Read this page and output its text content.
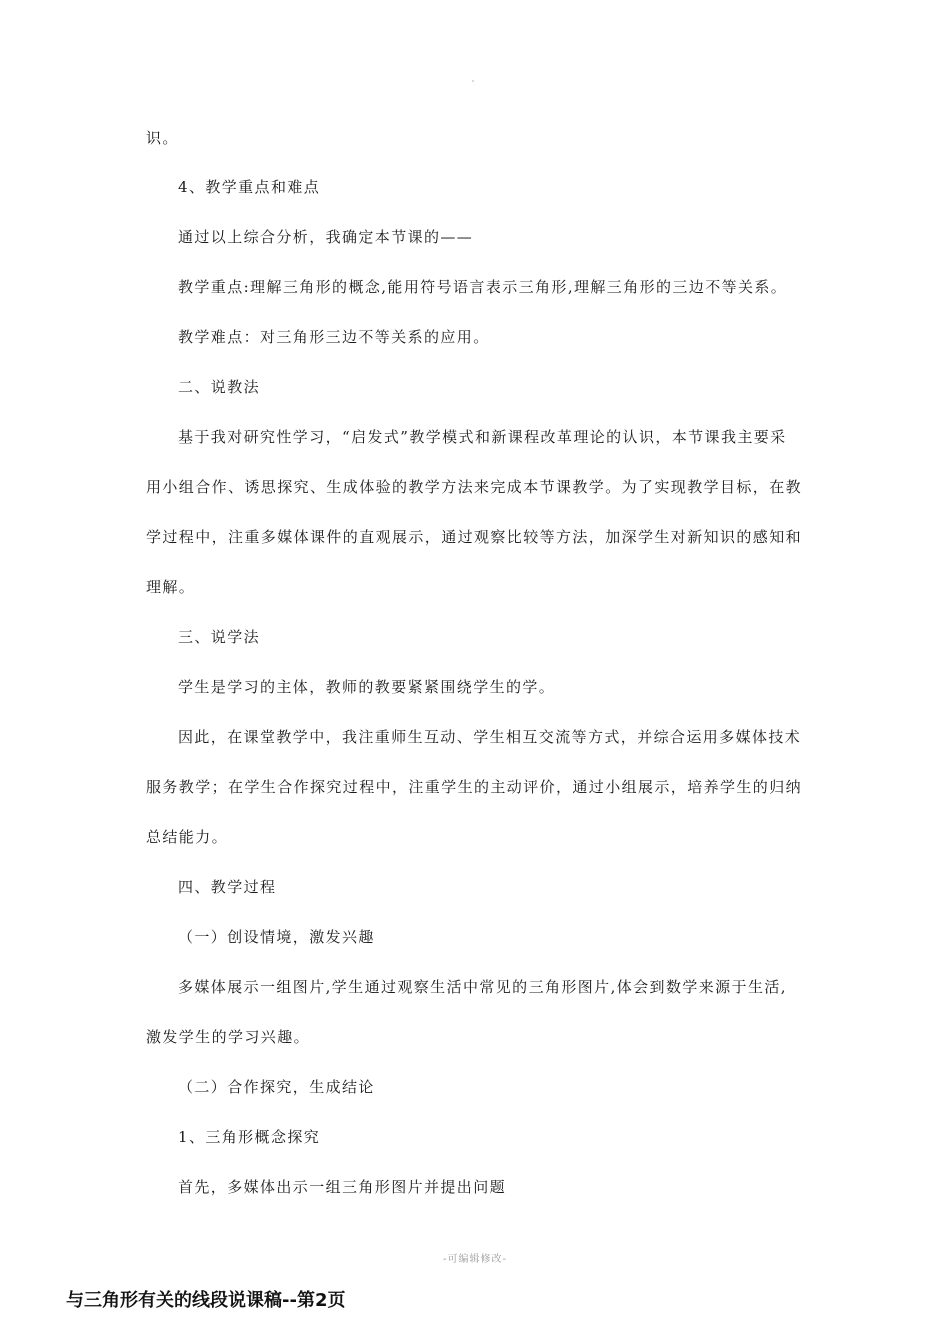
识。
4、教学重点和难点
通过以上综合分析，我确定本节课的——
教学重点:理解三角形的概念,能用符号语言表示三角形,理解三角形的三边不等关系。
教学难点：对三角形三边不等关系的应用。
二、说教法
基于我对研究性学习，“启发式”教学模式和新课程改革理论的认识，本节课我主要采
用小组合作、诱思探究、生成体验的教学方法来完成本节课教学。为了实现教学目标，在教
学过程中，注重多媒体课件的直观展示，通过观察比较等方法，加深学生对新知识的感知和
理解。
三、说学法
学生是学习的主体，教师的教要紧紧围绕学生的学。
因此，在课堂教学中，我注重师生互动、学生相互交流等方式，并综合运用多媒体技术
服务教学；在学生合作探究过程中，注重学生的主动评价，通过小组展示，培养学生的归纳
总结能力。
四、教学过程
（一）创设情境，激发兴趣
多媒体展示一组图片,学生通过观察生活中常见的三角形图片,体会到数学来源于生活,
激发学生的学习兴趣。
（二）合作探究，生成结论
1、三角形概念探究
首先，多媒体出示一组三角形图片并提出问题
-可编辑修改-
与三角形有关的线段说课稿--第2页
